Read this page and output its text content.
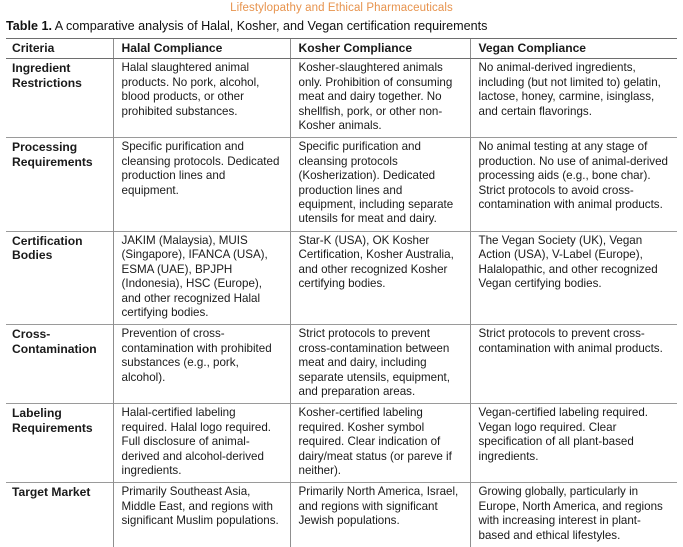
Lifestylopathy and Ethical Pharmaceuticals
Table 1. A comparative analysis of Halal, Kosher, and Vegan certification requirements
Criteria	Halal Compliance	Kosher Compliance	Vegan Compliance
Ingredient Restrictions	Halal slaughtered animal products. No pork, alcohol, blood products, or other prohibited substances.	Kosher-slaughtered animals only. Prohibition of consuming meat and dairy together. No shellfish, pork, or other non-Kosher animals.	No animal-derived ingredients, including (but not limited to) gelatin, lactose, honey, carmine, isinglass, and certain flavorings.
Processing Requirements	Specific purification and cleansing protocols. Dedicated production lines and equipment.	Specific purification and cleansing protocols (Kosherization). Dedicated production lines and equipment, including separate utensils for meat and dairy.	No animal testing at any stage of production. No use of animal-derived processing aids (e.g., bone char). Strict protocols to avoid cross-contamination with animal products.
Certification Bodies	JAKIM (Malaysia), MUIS (Singapore), IFANCA (USA), ESMA (UAE), BPJPH (Indonesia), HSC (Europe), and other recognized Halal certifying bodies.	Star-K (USA), OK Kosher Certification, Kosher Australia, and other recognized Kosher certifying bodies.	The Vegan Society (UK), Vegan Action (USA), V-Label (Europe), Halalopathic, and other recognized Vegan certifying bodies.
Cross-Contamination	Prevention of cross-contamination with prohibited substances (e.g., pork, alcohol).	Strict protocols to prevent cross-contamination between meat and dairy, including separate utensils, equipment, and preparation areas.	Strict protocols to prevent cross-contamination with animal products.
Labeling Requirements	Halal-certified labeling required. Halal logo required. Full disclosure of animal-derived and alcohol-derived ingredients.	Kosher-certified labeling required. Kosher symbol required. Clear indication of dairy/meat status (or pareve if neither).	Vegan-certified labeling required. Vegan logo required. Clear specification of all plant-based ingredients.
Target Market	Primarily Southeast Asia, Middle East, and regions with significant Muslim populations.	Primarily North America, Israel, and regions with significant Jewish populations.	Growing globally, particularly in Europe, North America, and regions with increasing interest in plant-based and ethical lifestyles.
